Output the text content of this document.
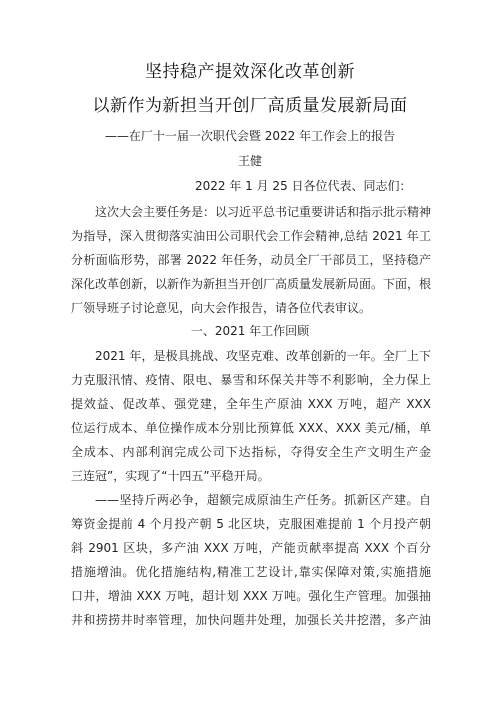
坚持稳产提效深化改革创新
以新作为新担当开创厂高质量发展新局面
——在厂十一届一次职代会暨 2022 年工作会上的报告
王健
2022 年 1 月 25 日各位代表、同志们：
这次大会主要任务是：以习近平总书记重要讲话和指示批示精神
为指导，深入贯彻落实油田公司职代会工作会精神,总结 2021 年工
分析面临形势，部署 2022 年任务，动员全厂干部员工，坚持稳产
深化改革创新，以新作为新担当开创厂高质量发展新局面。下面，根
厂领导班子讨论意见，向大会作报告，请各位代表审议。
一、2021 年工作回顾
2021 年，是极具挑战、攻坚克难、改革创新的一年。全厂上下
力克服汛情、疫情、限电、暴雪和环保关井等不利影响，全力保上
提效益、促改革、强党建，全年生产原油 XXX 万吨，超产 XXX
位运行成本、单位操作成本分别比预算低 XXX、XXX 美元/桶，单
全成本、内部利润完成公司下达指标，夺得安全生产文明生产金
三连冠”，实现了“十四五”平稳开局。
——坚持斤两必争，超额完成原油生产任务。抓新区产建。自
筹资金提前 4 个月投产朝 5 北区块，克服困难提前 1 个月投产朝
斜 2901 区块，多产油 XXX 万吨，产能贡献率提高 XXX 个百分
措施增油。优化措施结构,精准工艺设计,靠实保障对策,实施措施
口井，增油 XXX 万吨，超计划 XXX 万吨。强化生产管理。加强抽
井和捞捞井时率管理，加快问题井处理，加强长关井挖潜，多产油
